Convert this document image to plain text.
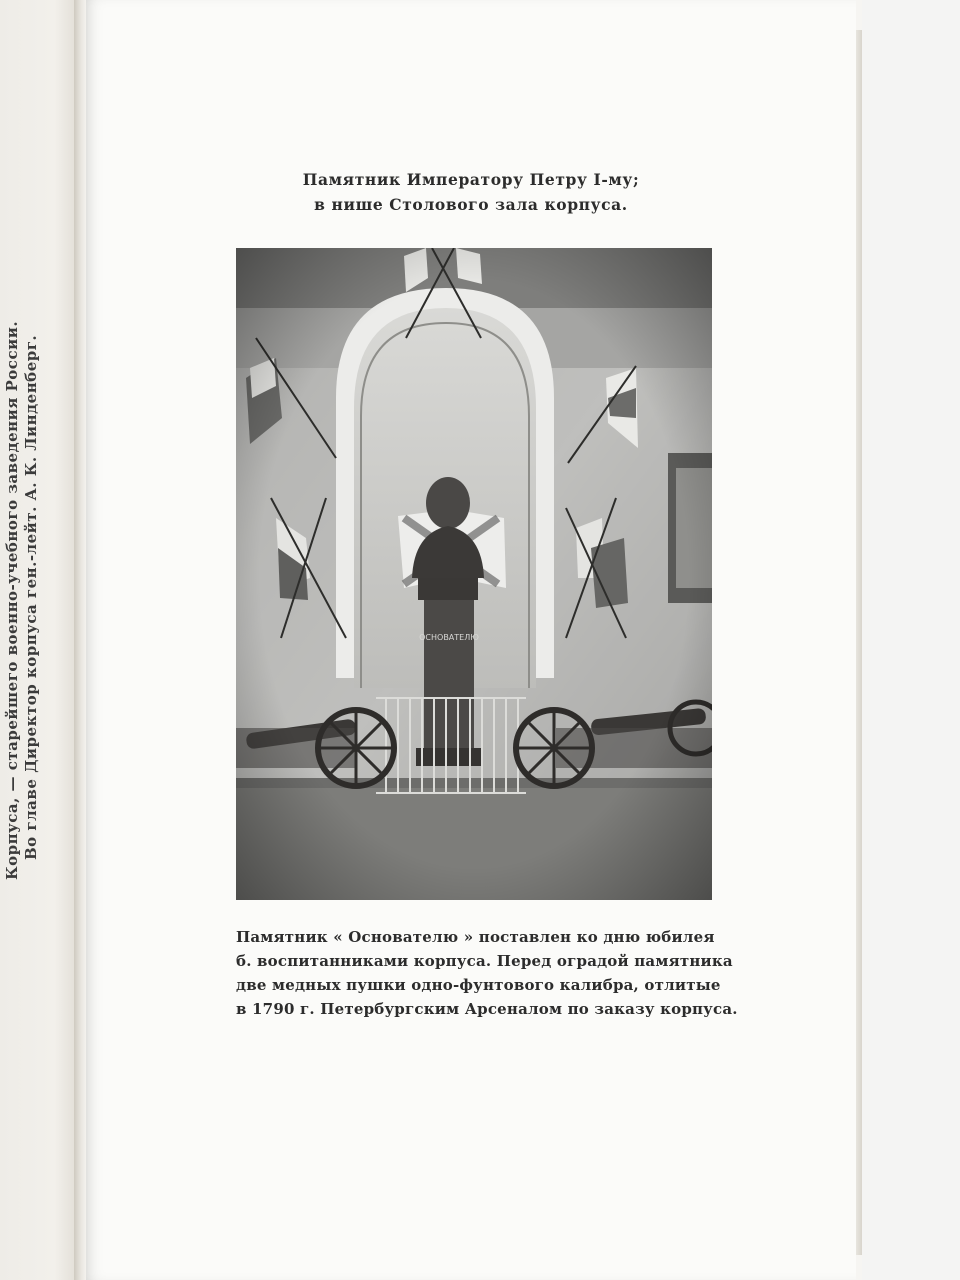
Во главе Директор корпуса ген.-лейт. А. К. Линденберг.
Корпуса, — старейшего военно-учебного заведения России.
Памятник Императору Петру I-му;
в нише Столового зала корпуса.
Памятник « Основателю » поставлен ко дню юбилея
б. воспитанниками корпуса. Перед оградой памятника
две медных пушки одно-фунтового калибра, отлитые
в 1790 г. Петербургским Арсеналом по заказу корпуса.
